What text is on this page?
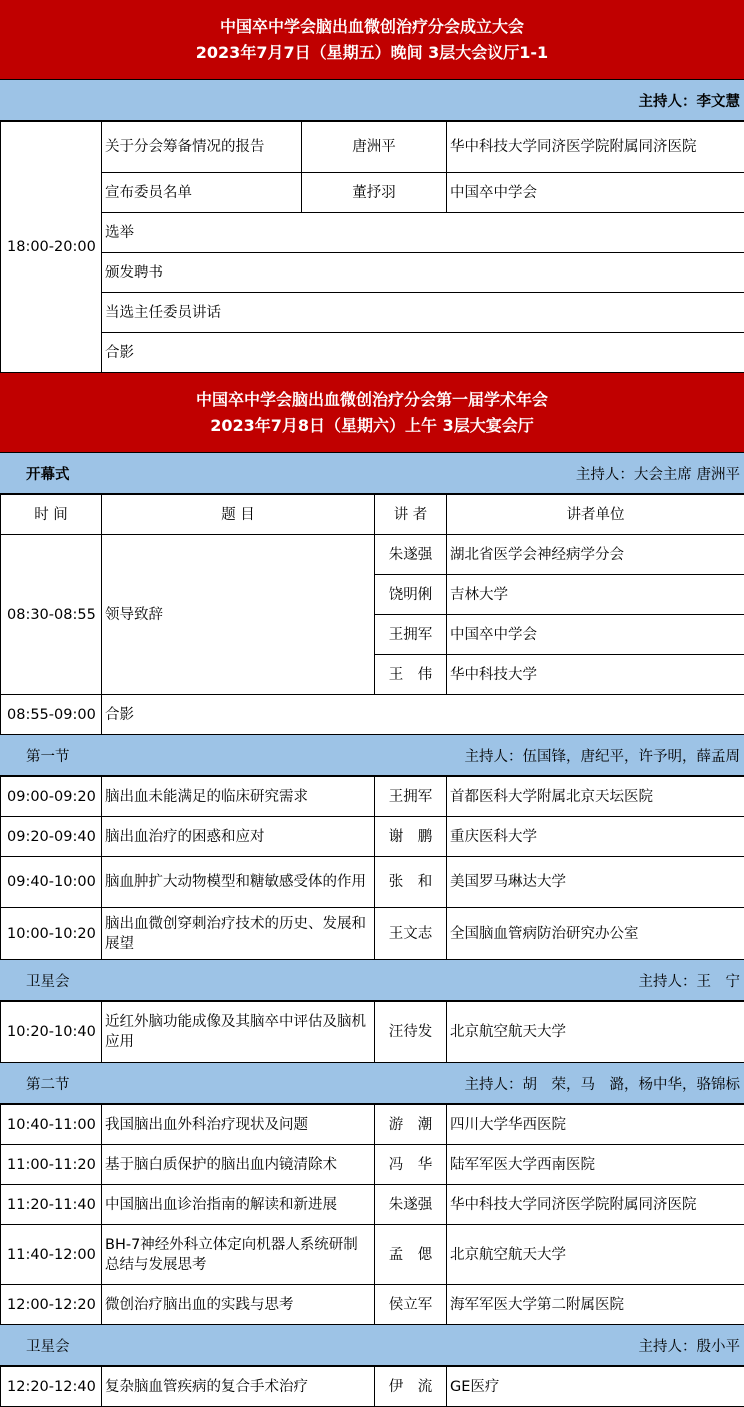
中国卒中学会脑出血微创治疗分会成立大会
2023年7月7日（星期五）晚间 3层大会议厅1-1
主持人：李文慧
18:00-20:00	关于分会筹备情况的报告	唐洲平	华中科技大学同济医学院附属同济医院
	宣布委员名单	董抒羽	中国卒中学会
	选举		
	颁发聘书		
	当选主任委员讲话		
	合影		
中国卒中学会脑出血微创治疗分会第一届学术年会
2023年7月8日（星期六）上午 3层大宴会厅
开幕式	主持人：大会主席 唐洲平
时 间	题 目	讲 者	讲者单位
08:30-08:55	领导致辞	朱遂强	湖北省医学会神经病学分会
		饶明俐	吉林大学
		王拥军	中国卒中学会
		王　伟	华中科技大学
08:55-09:00	合影		
第一节	主持人：伍国锋，唐纪平，许予明，薛孟周
09:00-09:20	脑出血未能满足的临床研究需求	王拥军	首都医科大学附属北京天坛医院
09:20-09:40	脑出血治疗的困惑和应对	谢　鹏	重庆医科大学
09:40-10:00	脑血肿扩大动物模型和糖敏感受体的作用	张　和	美国罗马琳达大学
10:00-10:20	脑出血微创穿刺治疗技术的历史、发展和展望	王文志	全国脑血管病防治研究办公室
卫星会	主持人：王　宁
10:20-10:40	近红外脑功能成像及其脑卒中评估及脑机应用	汪待发	北京航空航天大学
第二节	主持人：胡　荣，马　潞，杨中华，骆锦标
10:40-11:00	我国脑出血外科治疗现状及问题	游　潮	四川大学华西医院
11:00-11:20	基于脑白质保护的脑出血内镜清除术	冯　华	陆军军医大学西南医院
11:20-11:40	中国脑出血诊治指南的解读和新进展	朱遂强	华中科技大学同济医学院附属同济医院
11:40-12:00	BH-7神经外科立体定向机器人系统研制总结与发展思考	孟　偲	北京航空航天大学
12:00-12:20	微创治疗脑出血的实践与思考	侯立军	海军军医大学第二附属医院
卫星会	主持人：殷小平
12:20-12:40	复杂脑血管疾病的复合手术治疗	伊　流	GE医疗
